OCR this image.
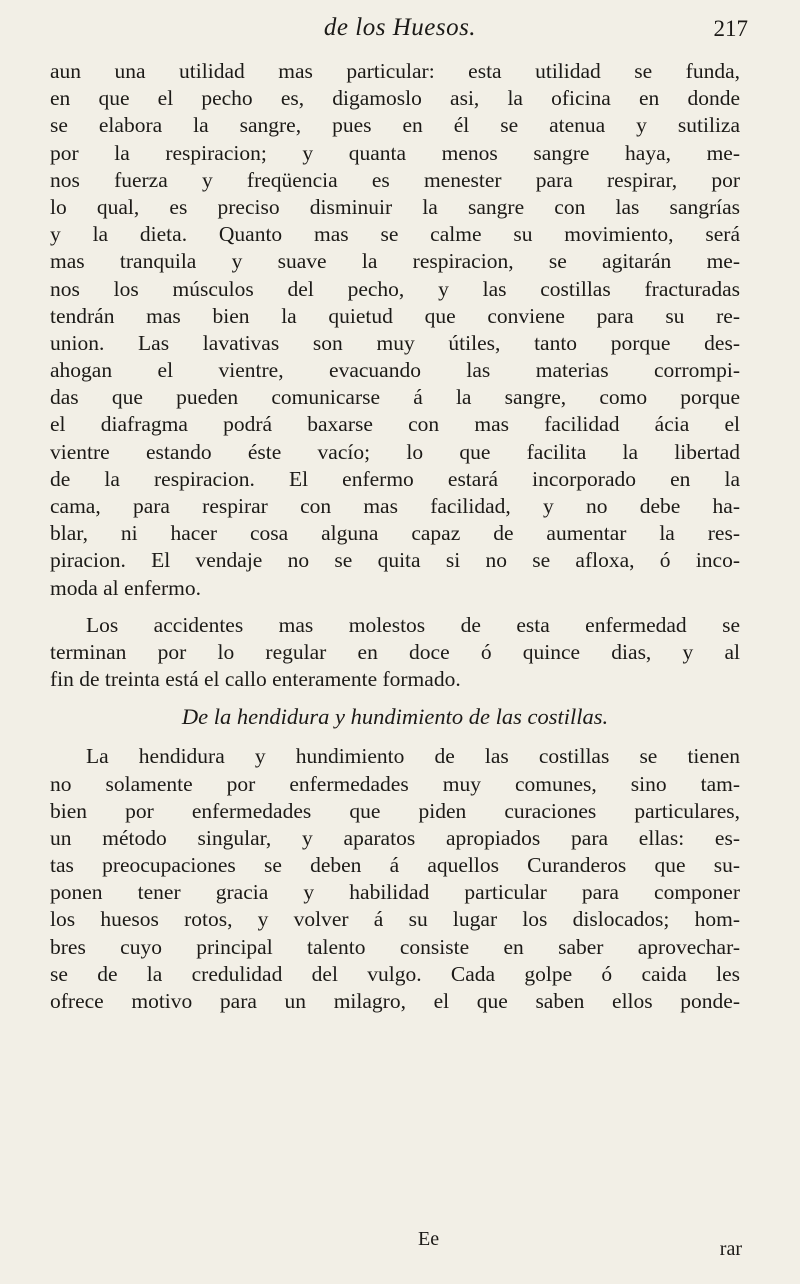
de los Huesos.	217
aun una utilidad mas particular: esta utilidad se funda,
en que el pecho es, digamoslo asi, la oficina en donde
se elabora la sangre, pues en él se atenua y sutiliza
por la respiracion; y quanta menos sangre haya, me-
nos fuerza y freqüencia es menester para respirar, por
lo qual, es preciso disminuir la sangre con las sangrías
y la dieta. Quanto mas se calme su movimiento, será
mas tranquila y suave la respiracion, se agitarán me-
nos los músculos del pecho, y las costillas fracturadas
tendrán mas bien la quietud que conviene para su re-
union. Las lavativas son muy útiles, tanto porque des-
ahogan el vientre, evacuando las materias corrompi-
das que pueden comunicarse á la sangre, como porque
el diafragma podrá baxarse con mas facilidad ácia el
vientre estando éste vacío; lo que facilita la libertad
de la respiracion. El enfermo estará incorporado en la
cama, para respirar con mas facilidad, y no debe ha-
blar, ni hacer cosa alguna capaz de aumentar la res-
piracion. El vendaje no se quita si no se afloxa, ó inco-
moda al enfermo.
Los accidentes mas molestos de esta enfermedad se
terminan por lo regular en doce ó quince dias, y al
fin de treinta está el callo enteramente formado.
De la hendidura y hundimiento de las costillas.
La hendidura y hundimiento de las costillas se tienen
no solamente por enfermedades muy comunes, sino tam-
bien por enfermedades que piden curaciones particulares,
un método singular, y aparatos apropiados para ellas: es-
tas preocupaciones se deben á aquellos Curanderos que su-
ponen tener gracia y habilidad particular para componer
los huesos rotos, y volver á su lugar los dislocados; hom-
bres cuyo principal talento consiste en saber aprovechar-
se de la credulidad del vulgo. Cada golpe ó caida les
ofrece motivo para un milagro, el que saben ellos ponde-
Ee	rar
